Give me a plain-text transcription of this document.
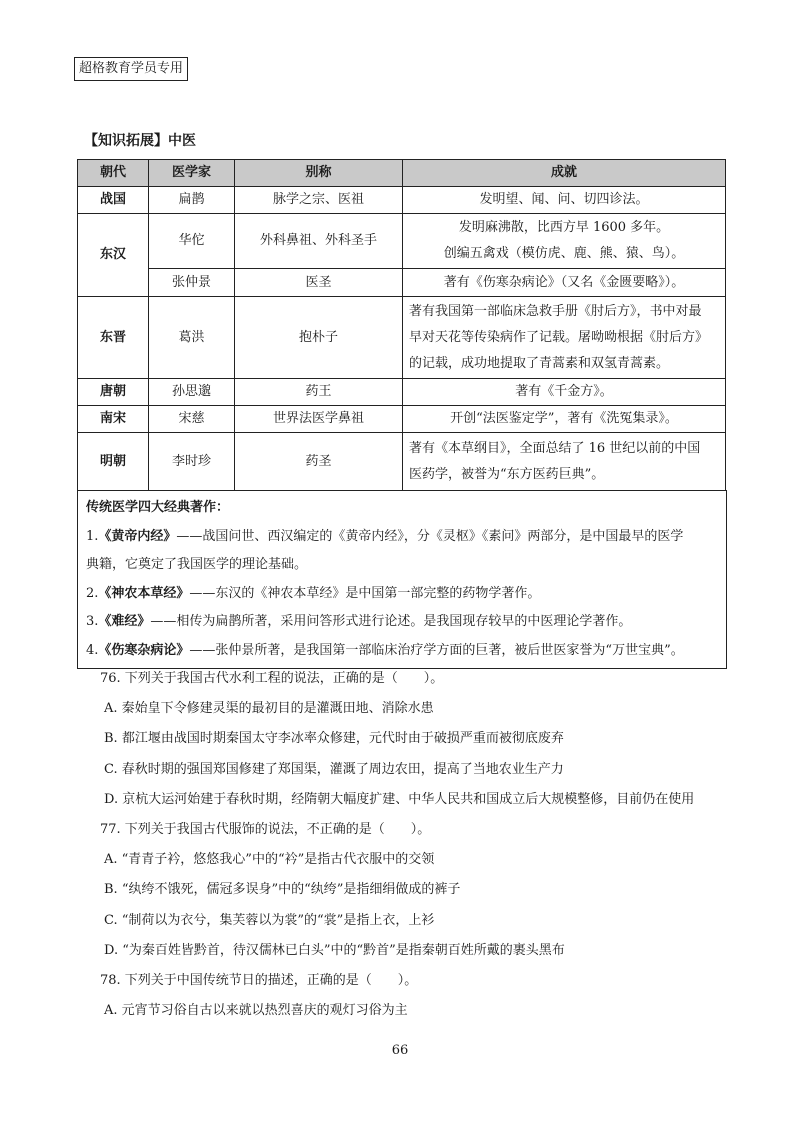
超格教育学员专用
【知识拓展】中医
朝代	医学家	别称	成就
战国	扁鹊	脉学之宗、医祖	发明望、闻、问、切四诊法。
东汉	华佗	外科鼻祖、外科圣手	发明麻沸散，比西方早 1600 多年。
创编五禽戏（模仿虎、鹿、熊、猿、鸟）。

	张仲景	医圣	著有《伤寒杂病论》（又名《金匮要略》）。
东晋	葛洪	抱朴子	著有我国第一部临床急救手册《肘后方》，书中对最
早对天花等传染病作了记载。屠呦呦根据《肘后方》
的记载，成功地提取了青蒿素和双氢青蒿素。

唐朝	孙思邈	药王	著有《千金方》。
南宋	宋慈	世界法医学鼻祖	开创“法医鉴定学”，著有《洗冤集录》。
明朝	李时珍	药圣	著有《本草纲目》，全面总结了 16 世纪以前的中国
医药学，被誉为“东方医药巨典”。
传统医学四大经典著作：
1.《黄帝内经》——战国问世、西汉编定的《黄帝内经》，分《灵枢》《素问》两部分，是中国最早的医学
典籍，它奠定了我国医学的理论基础。
2.《神农本草经》——东汉的《神农本草经》是中国第一部完整的药物学著作。
3.《难经》——相传为扁鹊所著，采用问答形式进行论述。是我国现存较早的中医理论学著作。
4.《伤寒杂病论》——张仲景所著，是我国第一部临床治疗学方面的巨著，被后世医家誉为“万世宝典”。

76. 下列关于我国古代水利工程的说法，正确的是（　　）。

A. 秦始皇下令修建灵渠的最初目的是灌溉田地、消除水患

B. 都江堰由战国时期秦国太守李冰率众修建，元代时由于破损严重而被彻底废弃

C. 春秋时期的强国郑国修建了郑国渠，灌溉了周边农田，提高了当地农业生产力

D. 京杭大运河始建于春秋时期，经隋朝大幅度扩建、中华人民共和国成立后大规模整修，目前仍在使用

77. 下列关于我国古代服饰的说法，不正确的是（　　）。

A. “青青子衿，悠悠我心”中的“衿”是指古代衣服中的交领

B. “纨绔不饿死，儒冠多误身”中的“纨绔”是指细绢做成的裤子

C. “制荷以为衣兮，集芙蓉以为裳”的“裳”是指上衣，上衫

D. “为秦百姓皆黔首，待汉儒林已白头”中的“黔首”是指秦朝百姓所戴的裹头黑布

78. 下列关于中国传统节日的描述，正确的是（　　）。

A. 元宵节习俗自古以来就以热烈喜庆的观灯习俗为主

66
